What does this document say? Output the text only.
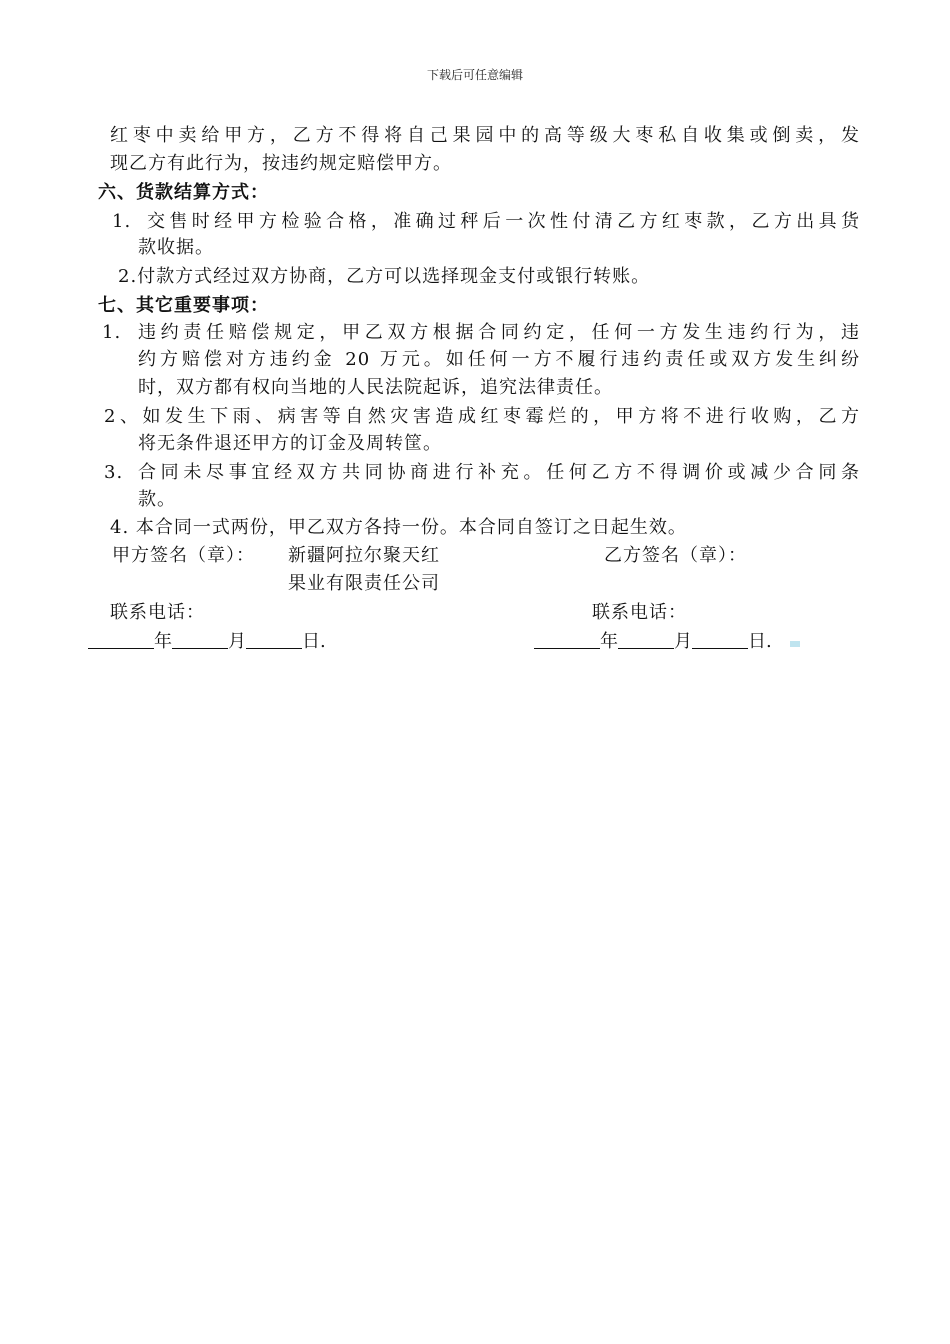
下载后可任意编辑
红枣中卖给甲方，乙方不得将自己果园中的高等级大枣私自收集或倒卖，发
现乙方有此行为，按违约规定赔偿甲方。
六、货款结算方式：
1. 交售时经甲方检验合格，准确过秤后一次性付清乙方红枣款，乙方出具货
款收据。
2.付款方式经过双方协商，乙方可以选择现金支付或银行转账。
七、其它重要事项：
1. 违约责任赔偿规定，甲乙双方根据合同约定，任何一方发生违约行为，违
约方赔偿对方违约金 20 万元。如任何一方不履行违约责任或双方发生纠纷
时，双方都有权向当地的人民法院起诉，追究法律责任。
2、如发生下雨、病害等自然灾害造成红枣霉烂的，甲方将不进行收购，乙方
将无条件退还甲方的订金及周转筐。
3. 合同未尽事宜经双方共同协商进行补充。任何乙方不得调价或减少合同条
款。
4. 本合同一式两份，甲乙双方各持一份。本合同自签订之日起生效。
甲方签名（章）： 新疆阿拉尔聚天红
果业有限责任公司
乙方签名（章）：
联系电话：	联系电话：
年	月	日.	年	月	日.
